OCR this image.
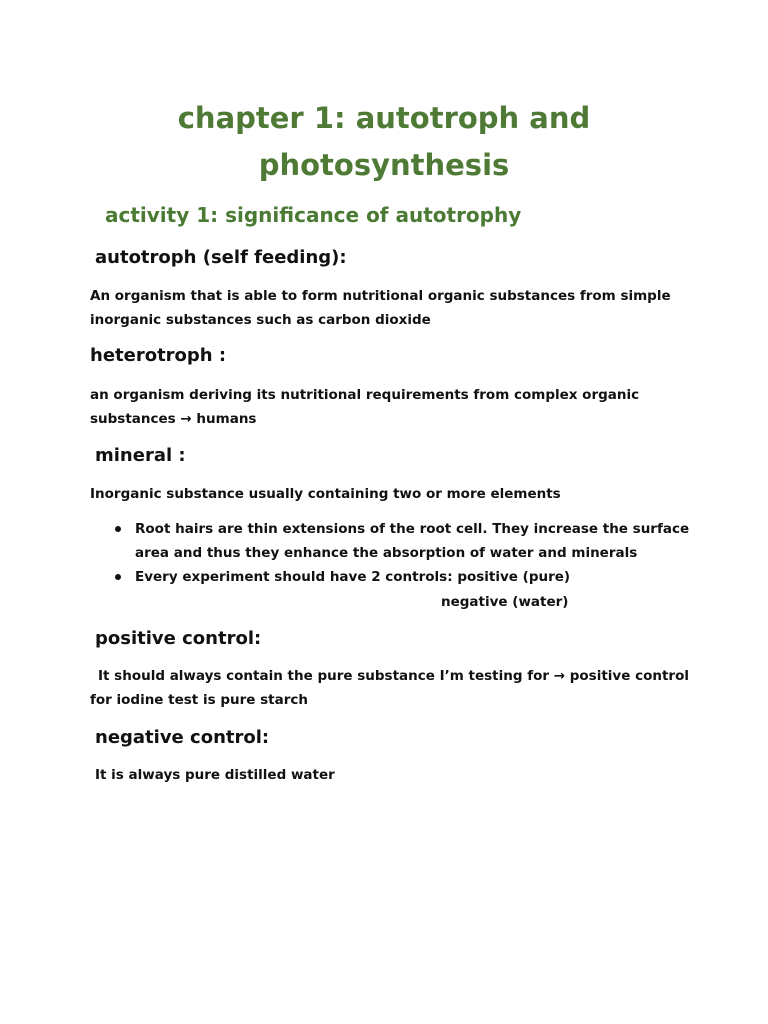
chapter 1: autotroph and
photosynthesis
activity 1: significance of autotrophy
autotroph (self feeding):

An organism that is able to form nutritional organic substances from simple

inorganic substances such as carbon dioxide

heterotroph :

an organism deriving its nutritional requirements from complex organic

substances → humans

mineral :

Inorganic substance usually containing two or more elements

Root hairs are thin extensions of the root cell. They increase the surface

area and thus they enhance the absorption of water and minerals

Every experiment should have 2 controls: positive (pure)

negative (water)

positive control:

It should always contain the pure substance I’m testing for → positive control

for iodine test is pure starch

negative control:

It is always pure distilled water
